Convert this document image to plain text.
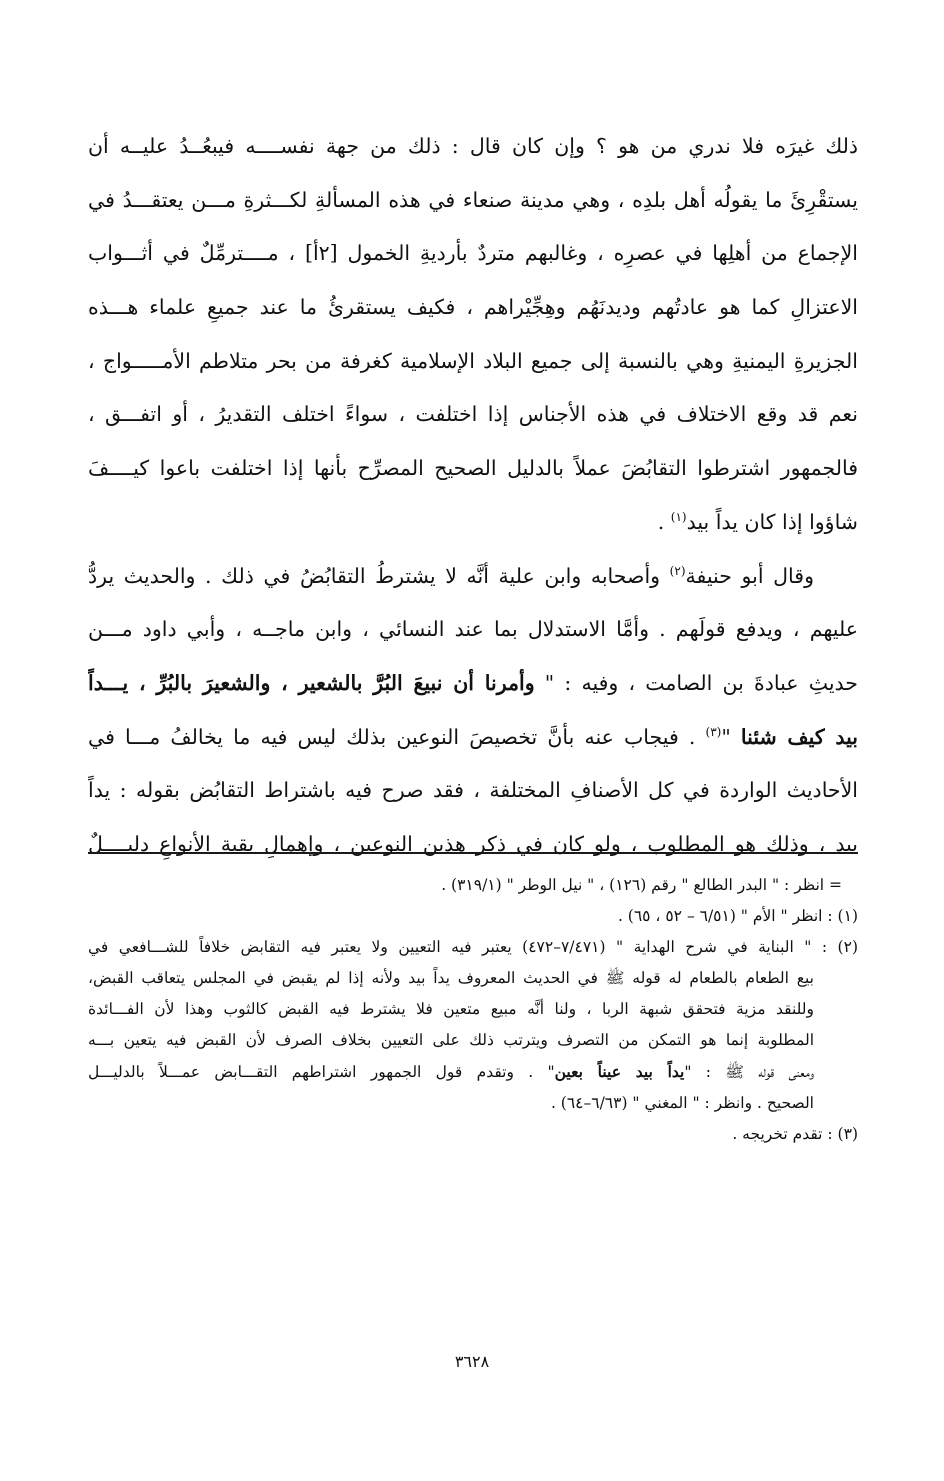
ذلك غيرَه فلا ندري من هو ؟ وإن كان قال : ذلك من جهة نفســــه فيبعُــدُ عليــه أن
يستقْرِئَ ما يقولُه أهل بلدِه ، وهي مدينة صنعاء في هذه المسألةِ لكـــثرةِ مـــن يعتقـــدُ في
الإجماع من أهلِها في عصرِه ، وغالبهم متردٌ بأرديةِ الخمول [٢أ] ، مــــترمِّلٌ في أثـــواب
الاعتزالِ كما هو عادتُهم وديدنَهُم وهِجِّيْراهم ، فكيف يستقرئُ ما عند جميعِ علماء هـــذه
الجزيرةِ اليمنيةِ وهي بالنسبة إلى جميع البلاد الإسلامية كغرفة من بحر متلاطم الأمـــــواج ،
نعم قد وقع الاختلاف في هذه الأجناس إذا اختلفت ، سواءً اختلف التقديرُ ، أو اتفـــق ،
فالجمهور اشترطوا التقابُضَ عملاً بالدليل الصحيح المصرِّح بأنها إذا اختلفت باعوا كيــــفَ
شاؤوا إذا كان يداً بيد$^{(١)}$ .
وقال أبو حنيفة$^{(٢)}$ وأصحابه وابن علية أنَّه لا يشترطُ التقابُضُ في ذلك . والحديث يردُّ
عليهم ، ويدفع قولَهم . وأمَّا الاستدلال بما عند النسائي ، وابن ماجــه ، وأبي داود مـــن
حديثِ عبادةَ بن الصامت ، وفيه : " وأمرنا أن نبيعَ البُرَّ بالشعير ، والشعيرَ بالبُرِّ ، يـــداً
بيد كيف شئنا "$^{(٣)}$ . فيجاب عنه بأنَّ تخصيصَ النوعين بذلك ليس فيه ما يخالفُ مـــا في
الأحاديث الواردة في كل الأصنافِ المختلفة ، فقد صرح فيه باشتراط التقابُض بقوله : يداً
بيد ، وذلك هو المطلوب ، ولو كان في ذكر هذين النوعين ، وإهمالِ بقية الأنواعِ دليــــلٌ
= انظر : " البدر الطالع " رقم (١٢٦) ، " نيل الوطر " (٣١٩/١) .
(١) : انظر " الأم " (٦/٥١ – ٥٢ ، ٦٥) .
(٢) : " البناية في شرح الهداية " (٧/٤٧١–٤٧٢) يعتبر فيه التعيين ولا يعتبر فيه التقابض خلافاً للشـــافعي في
بيع الطعام بالطعام له قوله ﷺ في الحديث المعروف يداً بيد ولأنه إذا لم يقبض في المجلس يتعاقب القبض،
وللنقد مزية فتحقق شبهة الربا ، ولنا أنَّه مبيع متعين فلا يشترط فيه القبض كالثوب وهذا لأن الفـــائدة
المطلوبة إنما هو التمكن من التصرف ويترتب ذلك على التعيين بخلاف الصرف لأن القبض فيه يتعين بـــه
ومعنى قوله ﷺ : "يداً بيد عيناً بعين" . وتقدم قول الجمهور اشتراطهم التقـــابض عمـــلاً بالدليـــل
الصحيح . وانظر : " المغني " (٦/٦٣–٦٤) .
(٣) : تقدم تخريجه .
٣٦٢٨
